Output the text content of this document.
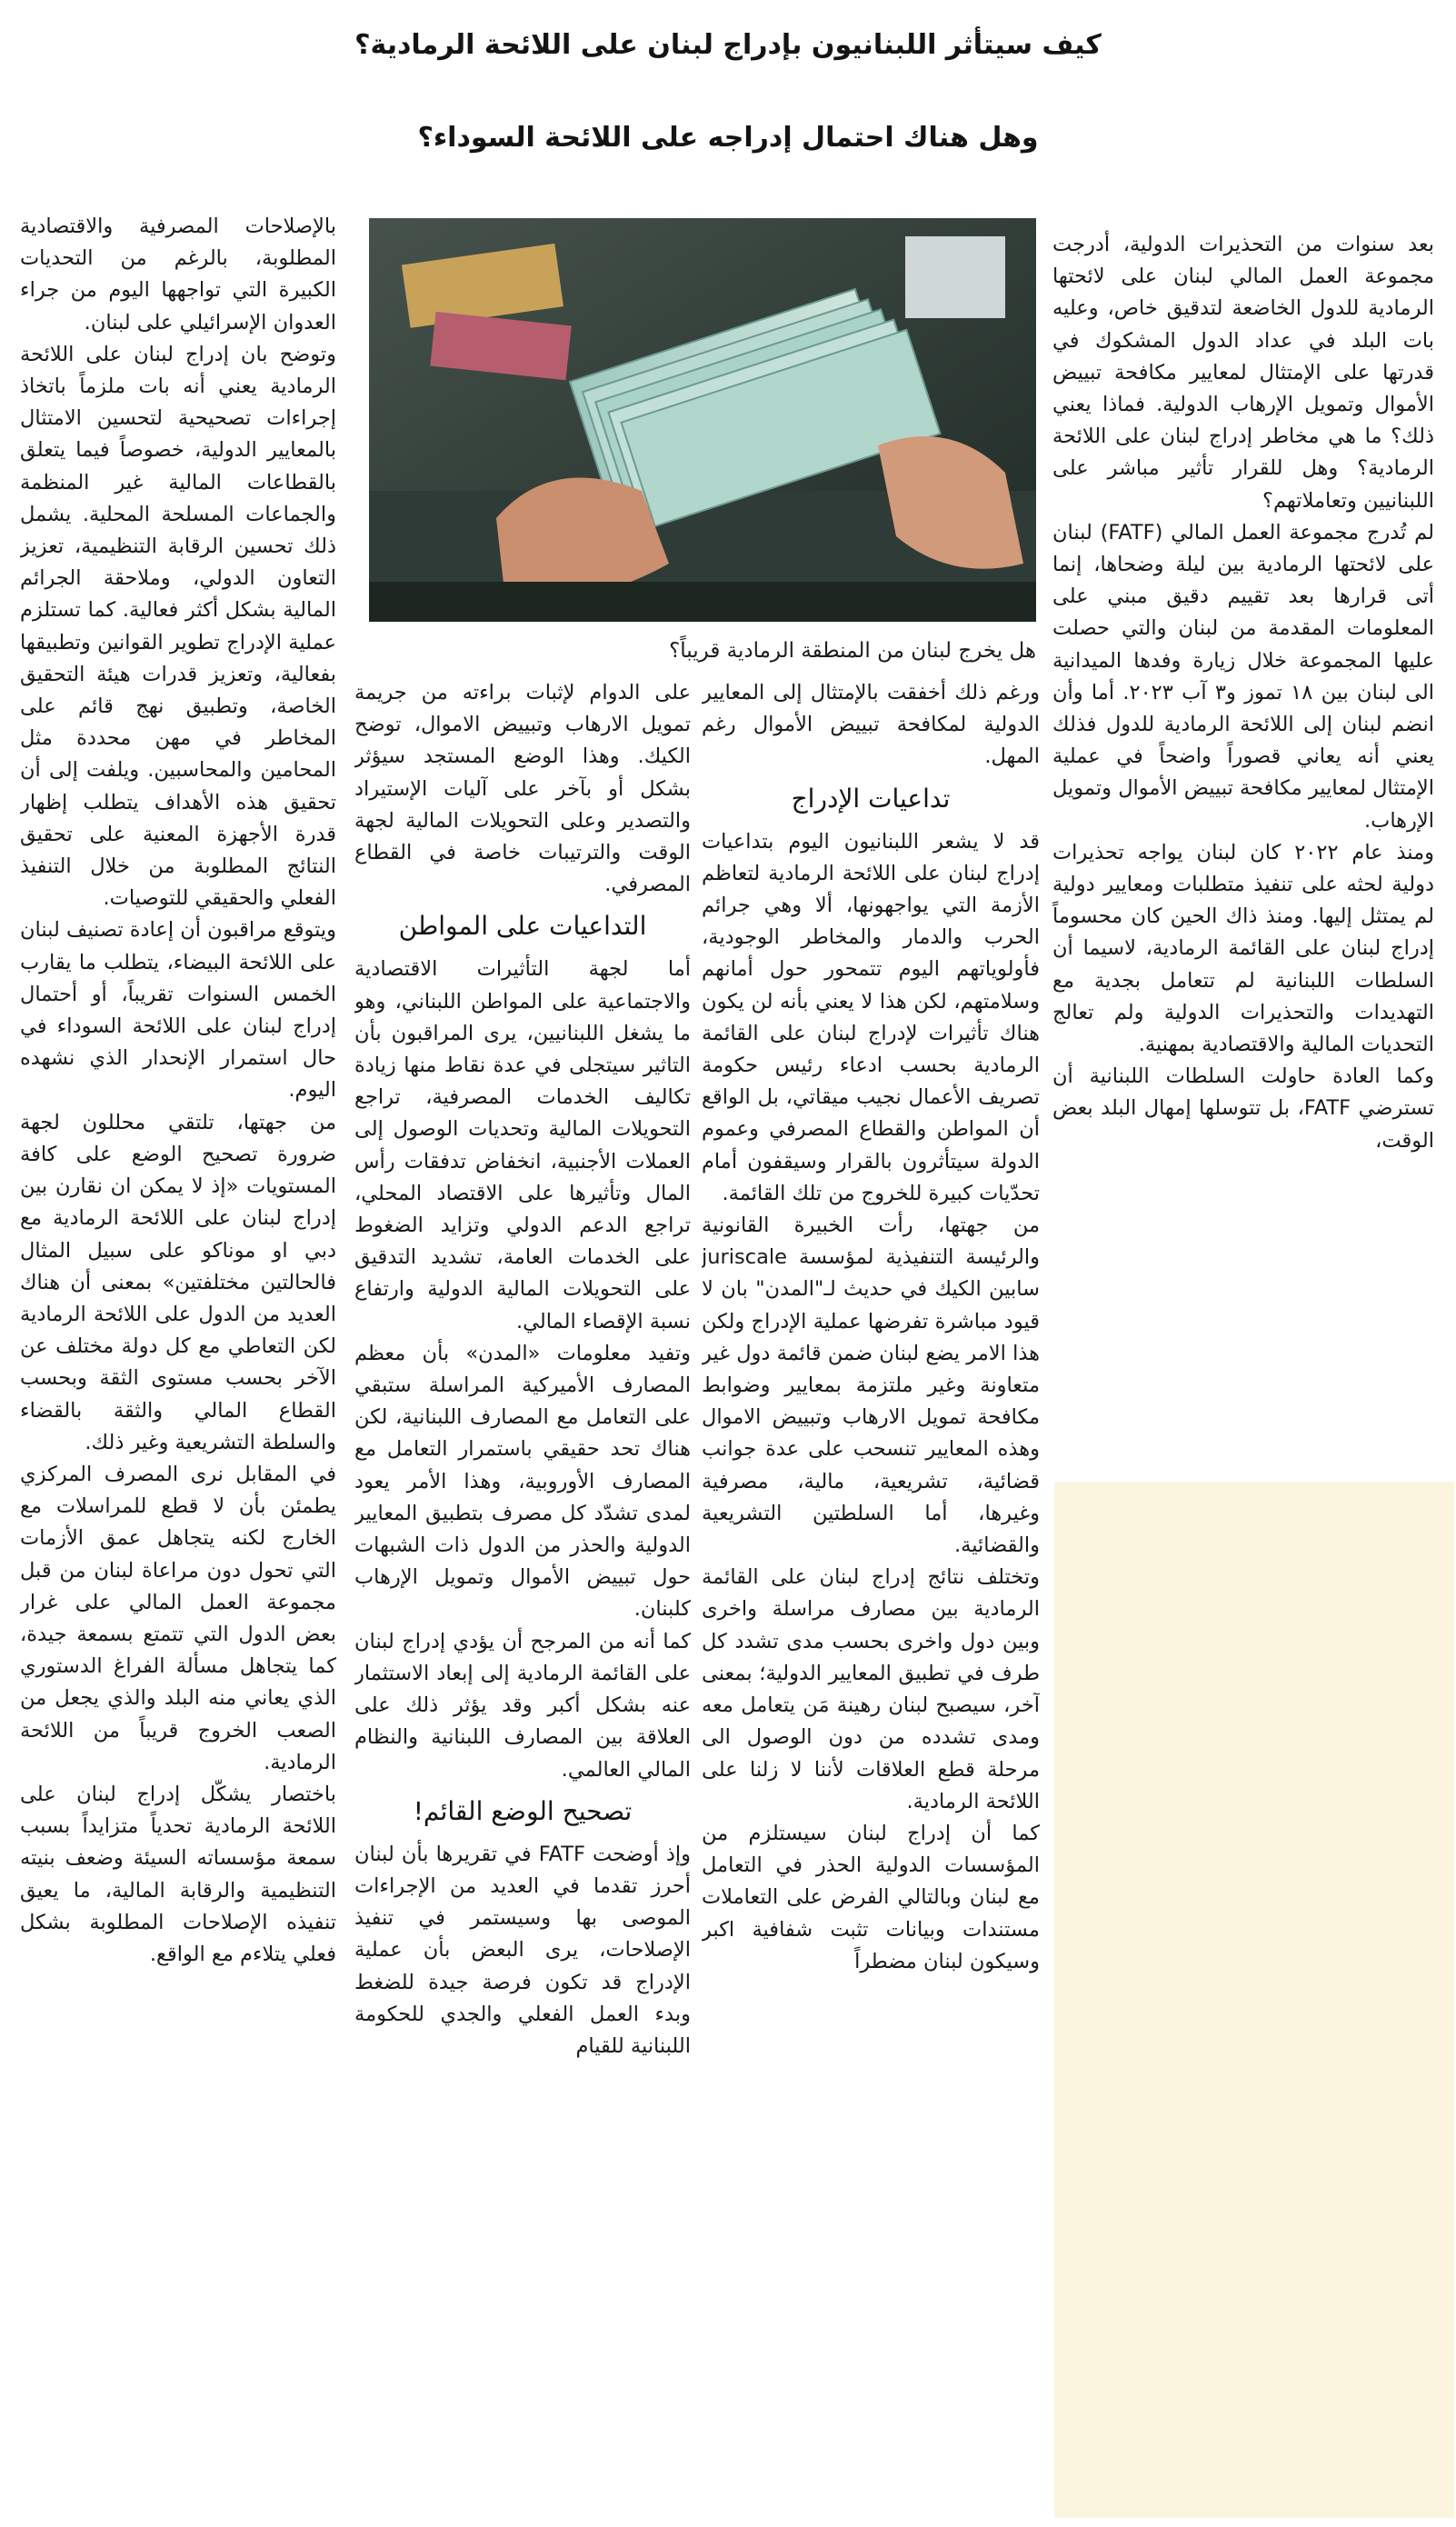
كيف سيتأثر اللبنانيون بإدراج لبنان على اللائحة الرمادية؟
وهل هناك احتمال إدراجه على اللائحة السوداء؟
هل يخرج لبنان من المنطقة الرمادية قريباً؟

بعد سنوات من التحذيرات الدولية، أدرجت مجموعة العمل المالي لبنان على لائحتها الرمادية للدول الخاضعة لتدقيق خاص، وعليه بات البلد في عداد الدول المشكوك في قدرتها على الإمتثال لمعايير مكافحة تبييض الأموال وتمويل الإرهاب الدولية. فماذا يعني ذلك؟ ما هي مخاطر إدراج لبنان على اللائحة الرمادية؟ وهل للقرار تأثير مباشر على اللبنانيين وتعاملاتهم؟

لم تُدرج مجموعة العمل المالي (FATF) لبنان على لائحتها الرمادية بين ليلة وضحاها، إنما أتى قرارها بعد تقييم دقيق مبني على المعلومات المقدمة من لبنان والتي حصلت عليها المجموعة خلال زيارة وفدها الميدانية الى لبنان بين ١٨ تموز و٣ آب ٢٠٢٣. أما وأن انضم لبنان إلى اللائحة الرمادية للدول فذلك يعني أنه يعاني قصوراً واضحاً في عملية الإمتثال لمعايير مكافحة تبييض الأموال وتمويل الإرهاب.

ومنذ عام ٢٠٢٢ كان لبنان يواجه تحذيرات دولية لحثه على تنفيذ متطلبات ومعايير دولية لم يمتثل إليها. ومنذ ذاك الحين كان محسوماً إدراج لبنان على القائمة الرمادية، لاسيما أن السلطات اللبنانية لم تتعامل بجدية مع التهديدات والتحذيرات الدولية ولم تعالج التحديات المالية والاقتصادية بمهنية.

وكما العادة حاولت السلطات اللبنانية أن تسترضي FATF، بل تتوسلها إمهال البلد بعض الوقت،

ورغم ذلك أخفقت بالإمتثال إلى المعايير الدولية لمكافحة تبييض الأموال رغم المهل.

تداعيات الإدراج

قد لا يشعر اللبنانيون اليوم بتداعيات إدراج لبنان على اللائحة الرمادية لتعاظم الأزمة التي يواجهونها، ألا وهي جرائم الحرب والدمار والمخاطر الوجودية، فأولوياتهم اليوم تتمحور حول أمانهم وسلامتهم، لكن هذا لا يعني بأنه لن يكون هناك تأثيرات لإدراج لبنان على القائمة الرمادية بحسب ادعاء رئيس حكومة تصريف الأعمال نجيب ميقاتي، بل الواقع أن المواطن والقطاع المصرفي وعموم الدولة سيتأثرون بالقرار وسيقفون أمام تحدّيات كبيرة للخروج من تلك القائمة.

من جهتها، رأت الخبيرة القانونية والرئيسة التنفيذية لمؤسسة juriscale سابين الكيك في حديث لـ"المدن" بان لا قيود مباشرة تفرضها عملية الإدراج ولكن هذا الامر يضع لبنان ضمن قائمة دول غير متعاونة وغير ملتزمة بمعايير وضوابط مكافحة تمويل الارهاب وتبييض الاموال وهذه المعايير تنسحب على عدة جوانب قضائية، تشريعية، مالية، مصرفية وغيرها، أما السلطتين التشريعية والقضائية.

وتختلف نتائج إدراج لبنان على القائمة الرمادية بين مصارف مراسلة واخرى وبين دول واخرى بحسب مدى تشدد كل طرف في تطبيق المعايير الدولية؛ بمعنى آخر، سيصبح لبنان رهينة مَن يتعامل معه ومدى تشدده من دون الوصول الى مرحلة قطع العلاقات لأننا لا زلنا على اللائحة الرمادية.

كما أن إدراج لبنان سيستلزم من المؤسسات الدولية الحذر في التعامل مع لبنان وبالتالي الفرض على التعاملات مستندات وبيانات تثبت شفافية اكبر وسيكون لبنان مضطراً

على الدوام لإثبات براءته من جريمة تمويل الارهاب وتبييض الاموال، توضح الكيك. وهذا الوضع المستجد سيؤثر بشكل أو بآخر على آليات الإستيراد والتصدير وعلى التحويلات المالية لجهة الوقت والترتيبات خاصة في القطاع المصرفي.

التداعيات على المواطن

أما لجهة التأثيرات الاقتصادية والاجتماعية على المواطن اللبناني، وهو ما يشغل اللبنانيين، يرى المراقبون بأن التاثير سيتجلى في عدة نقاط منها زيادة تكاليف الخدمات المصرفية، تراجع التحويلات المالية وتحديات الوصول إلى العملات الأجنبية، انخفاض تدفقات رأس المال وتأثيرها على الاقتصاد المحلي، تراجع الدعم الدولي وتزايد الضغوط على الخدمات العامة، تشديد التدقيق على التحويلات المالية الدولية وارتفاع نسبة الإقصاء المالي.

وتفيد معلومات «المدن» بأن معظم المصارف الأميركية المراسلة ستبقي على التعامل مع المصارف اللبنانية، لكن هناك تحد حقيقي باستمرار التعامل مع المصارف الأوروبية، وهذا الأمر يعود لمدى تشدّد كل مصرف بتطبيق المعايير الدولية والحذر من الدول ذات الشبهات حول تبييض الأموال وتمويل الإرهاب كلبنان.

كما أنه من المرجح أن يؤدي إدراج لبنان على القائمة الرمادية إلى إبعاد الاستثمار عنه بشكل أكبر وقد يؤثر ذلك على العلاقة بين المصارف اللبنانية والنظام المالي العالمي.

تصحيح الوضع القائم!

وإذ أوضحت FATF في تقريرها بأن لبنان أحرز تقدما في العديد من الإجراءات الموصى بها وسيستمر في تنفيذ الإصلاحات، يرى البعض بأن عملية الإدراج قد تكون فرصة جيدة للضغط وبدء العمل الفعلي والجدي للحكومة اللبنانية للقيام

بالإصلاحات المصرفية والاقتصادية المطلوبة، بالرغم من التحديات الكبيرة التي تواجهها اليوم من جراء العدوان الإسرائيلي على لبنان.

وتوضح بان إدراج لبنان على اللائحة الرمادية يعني أنه بات ملزماً باتخاذ إجراءات تصحيحية لتحسين الامتثال بالمعايير الدولية، خصوصاً فيما يتعلق بالقطاعات المالية غير المنظمة والجماعات المسلحة المحلية. يشمل ذلك تحسين الرقابة التنظيمية، تعزيز التعاون الدولي، وملاحقة الجرائم المالية بشكل أكثر فعالية. كما تستلزم عملية الإدراج تطوير القوانين وتطبيقها بفعالية، وتعزيز قدرات هيئة التحقيق الخاصة، وتطبيق نهج قائم على المخاطر في مهن محددة مثل المحامين والمحاسبين. ويلفت إلى أن تحقيق هذه الأهداف يتطلب إظهار قدرة الأجهزة المعنية على تحقيق النتائج المطلوبة من خلال التنفيذ الفعلي والحقيقي للتوصيات.

ويتوقع مراقبون أن إعادة تصنيف لبنان على اللائحة البيضاء، يتطلب ما يقارب الخمس السنوات تقريباً، أو أحتمال إدراج لبنان على اللائحة السوداء في حال استمرار الإنحدار الذي نشهده اليوم.

من جهتها، تلتقي محللون لجهة ضرورة تصحيح الوضع على كافة المستويات «إذ لا يمكن ان نقارن بين إدراج لبنان على اللائحة الرمادية مع دبي او موناكو على سبيل المثال فالحالتين مختلفتين» بمعنى أن هناك العديد من الدول على اللائحة الرمادية لكن التعاطي مع كل دولة مختلف عن الآخر بحسب مستوى الثقة وبحسب القطاع المالي والثقة بالقضاء والسلطة التشريعية وغير ذلك.

في المقابل نرى المصرف المركزي يطمئن بأن لا قطع للمراسلات مع الخارج لكنه يتجاهل عمق الأزمات التي تحول دون مراعاة لبنان من قبل مجموعة العمل المالي على غرار بعض الدول التي تتمتع بسمعة جيدة، كما يتجاهل مسألة الفراغ الدستوري الذي يعاني منه البلد والذي يجعل من الصعب الخروج قريباً من اللائحة الرمادية.

باختصار يشكّل إدراج لبنان على اللائحة الرمادية تحدياً متزايداً بسبب سمعة مؤسساته السيئة وضعف بنيته التنظيمية والرقابة المالية، ما يعيق تنفيذه الإصلاحات المطلوبة بشكل فعلي يتلاءم مع الواقع.
